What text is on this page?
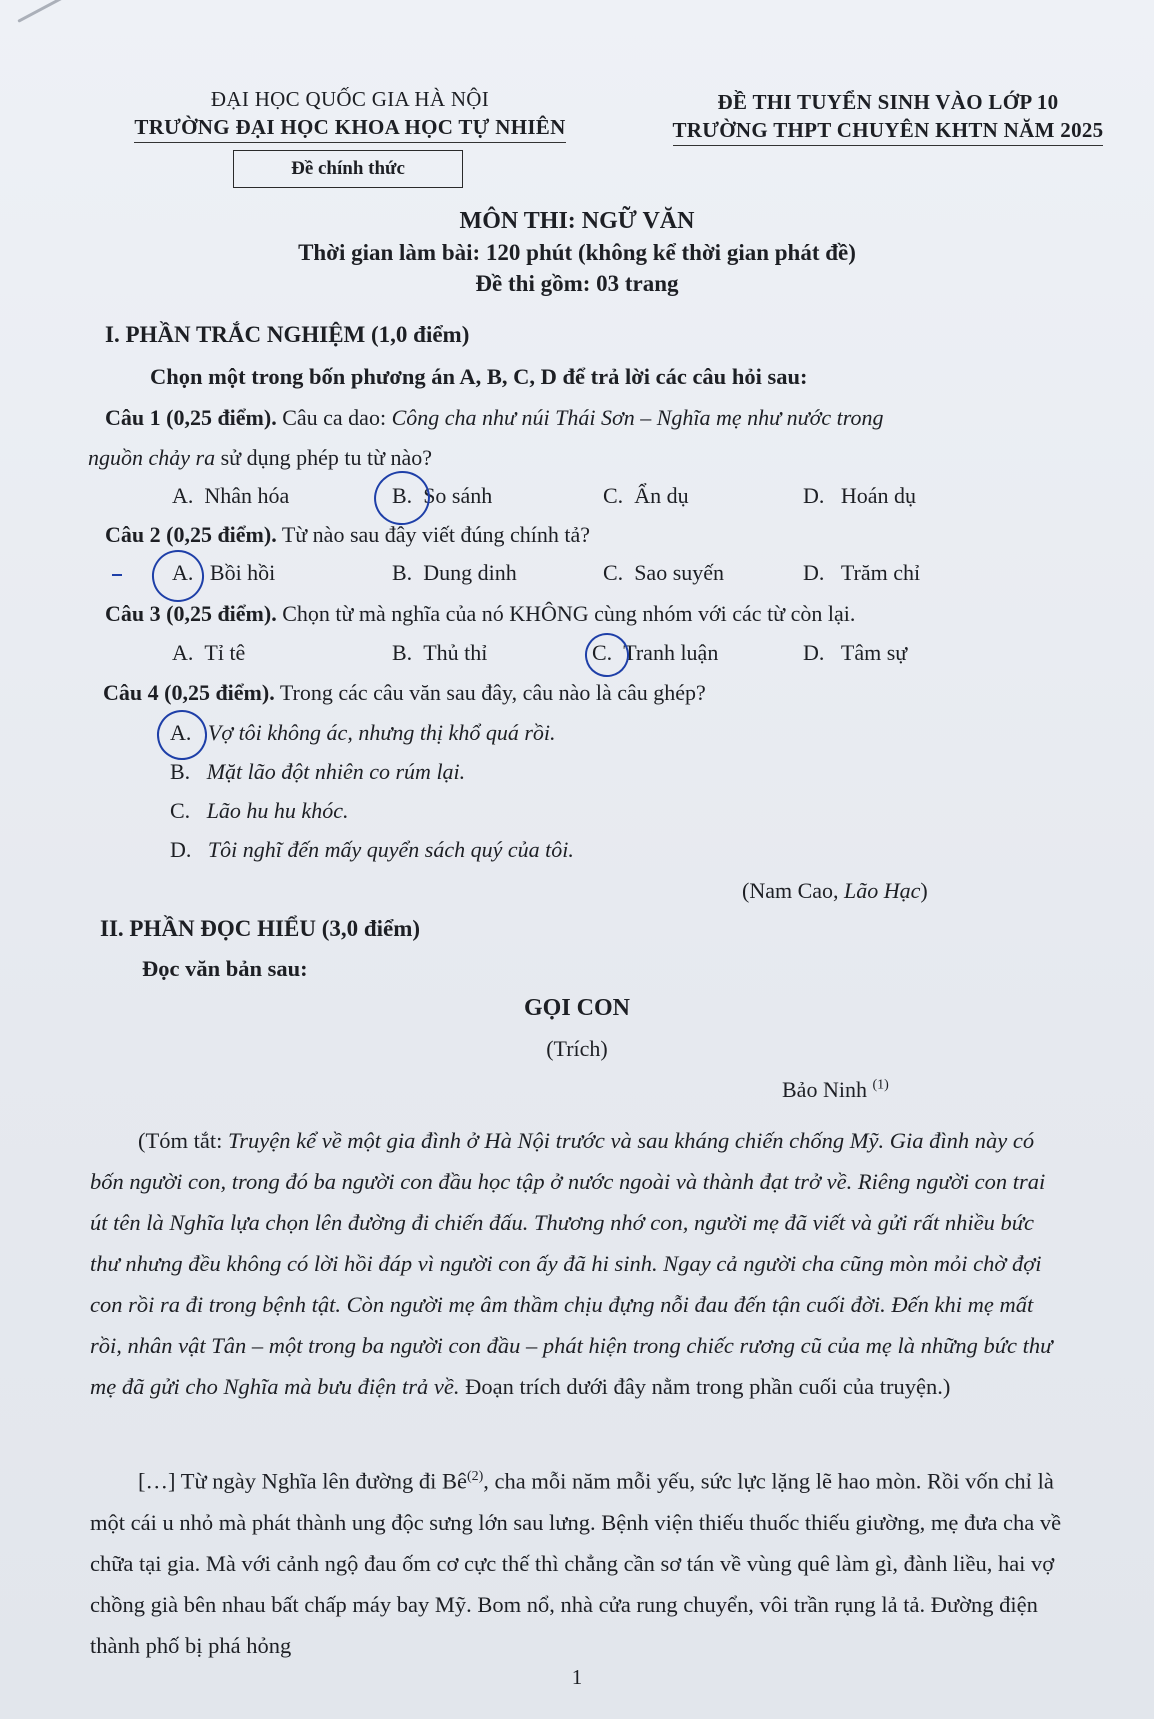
ĐẠI HỌC QUỐC GIA HÀ NỘI
TRƯỜNG ĐẠI HỌC KHOA HỌC TỰ NHIÊN
ĐỀ THI TUYỂN SINH VÀO LỚP 10
TRƯỜNG THPT CHUYÊN KHTN NĂM 2025
Đề chính thức
MÔN THI: NGỮ VĂN
Thời gian làm bài: 120 phút (không kể thời gian phát đề)
Đề thi gồm: 03 trang
I. PHẦN TRẮC NGHIỆM (1,0 điểm)
Chọn một trong bốn phương án A, B, C, D để trả lời các câu hỏi sau:
Câu 1 (0,25 điểm). Câu ca dao: Công cha như núi Thái Sơn – Nghĩa mẹ như nước trong
nguồn chảy ra sử dụng phép tu từ nào?
A. Nhân hóa	B. So sánh	C. Ẩn dụ	D. Hoán dụ
Câu 2 (0,25 điểm). Từ nào sau đây viết đúng chính tả?
A. Bồi hồi	B. Dung dinh	C. Sao suyến	D. Trăm chỉ
Câu 3 (0,25 điểm). Chọn từ mà nghĩa của nó KHÔNG cùng nhóm với các từ còn lại.
A. Tỉ tê	B. Thủ thỉ	C. Tranh luận	D. Tâm sự
Câu 4 (0,25 điểm). Trong các câu văn sau đây, câu nào là câu ghép?
A. Vợ tôi không ác, nhưng thị khổ quá rồi.
B. Mặt lão đột nhiên co rúm lại.
C. Lão hu hu khóc.
D. Tôi nghĩ đến mấy quyển sách quý của tôi.
(Nam Cao, Lão Hạc)
II. PHẦN ĐỌC HIỂU (3,0 điểm)
Đọc văn bản sau:
GỌI CON
(Trích)
Bảo Ninh $^{(1)}$
(Tóm tắt: Truyện kể về một gia đình ở Hà Nội trước và sau kháng chiến chống Mỹ. Gia đình này có bốn người con, trong đó ba người con đầu học tập ở nước ngoài và thành đạt trở về. Riêng người con trai út tên là Nghĩa lựa chọn lên đường đi chiến đấu. Thương nhớ con, người mẹ đã viết và gửi rất nhiều bức thư nhưng đều không có lời hồi đáp vì người con ấy đã hi sinh. Ngay cả người cha cũng mòn mỏi chờ đợi con rồi ra đi trong bệnh tật. Còn người mẹ âm thầm chịu đựng nỗi đau đến tận cuối đời. Đến khi mẹ mất rồi, nhân vật Tân – một trong ba người con đầu – phát hiện trong chiếc rương cũ của mẹ là những bức thư mẹ đã gửi cho Nghĩa mà bưu điện trả về. Đoạn trích dưới đây nằm trong phần cuối của truyện.)
[…] Từ ngày Nghĩa lên đường đi $Bê^{(2)}$, cha mỗi năm mỗi yếu, sức lực lặng lẽ hao mòn. Rồi vốn chỉ là một cái u nhỏ mà phát thành ung độc sưng lớn sau lưng. Bệnh viện thiếu thuốc thiếu giường, mẹ đưa cha về chữa tại gia. Mà với cảnh ngộ đau ốm cơ cực thế thì chẳng cần sơ tán về vùng quê làm gì, đành liều, hai vợ chồng già bên nhau bất chấp máy bay Mỹ. Bom nổ, nhà cửa rung chuyển, vôi trần rụng lả tả. Đường điện thành phố bị phá hỏng
1
